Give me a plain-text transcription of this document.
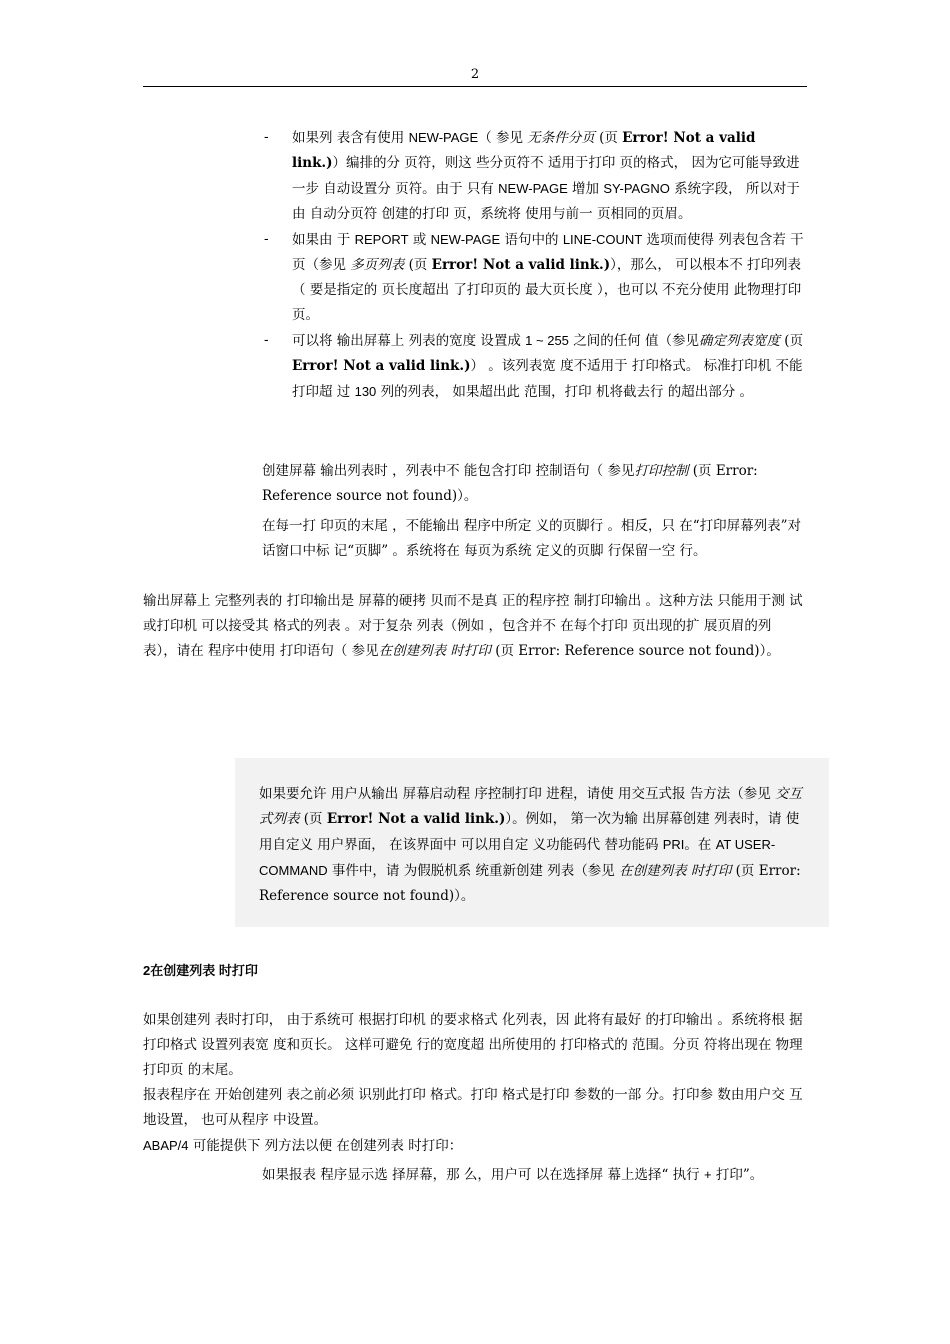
2
- 如果列 表含有使用 NEW-PAGE（ 参见 无条件分页 (页 Error! Not a valid link.)）编排的分 页符，则这 些分页符不 适用于打印 页的格式， 因为它可能导致进一步 自动设置分 页符。由于 只有 NEW-PAGE 增加 SY-PAGNO 系统字段， 所以对于由 自动分页符 创建的打印 页，系统将 使用与前一 页相同的页眉。
- 如果由 于 REPORT 或 NEW-PAGE 语句中的 LINE-COUNT 选项而使得 列表包含若 干页（参见 多页列表 (页 Error! Not a valid link.)），那么， 可以根本不 打印列表（ 要是指定的 页长度超出 了打印页的 最大页长度 ），也可以 不充分使用 此物理打印 页。
- 可以将 输出屏幕上 列表的宽度 设置成 1 ~ 255 之间的任何 值（参见确定列表宽度 (页 Error! Not a valid link.)） 。该列表宽 度不适用于 打印格式。 标准打印机 不能打印超 过 130 列的列表， 如果超出此 范围，打印 机将截去行 的超出部分 。
创建屏幕 输出列表时 ，列表中不 能包含打印 控制语句（ 参见打印控制 (页 Error: Reference source not found)）。
在每一打 印页的末尾 ，不能输出 程序中所定 义的页脚行 。相反，只 在“打印屏幕列表”对 话窗口中标 记“页脚” 。系统将在 每页为系统 定义的页脚 行保留一空 行。
输出屏幕上 完整列表的 打印输出是 屏幕的硬拷 贝而不是真 正的程序控 制打印输出 。这种方法 只能用于测 试或打印机 可以接受其 格式的列表 。对于复杂 列表（例如 ，包含并不 在每个打印 页出现的扩 展页眉的列 表），请在 程序中使用 打印语句（ 参见在创建列表 时打印 (页 Error: Reference source not found)）。

如果要允许 用户从输出 屏幕启动程 序控制打印 进程，请使 用交互式报 告方法（参见 交互式列表 (页 Error! Not a valid link.)）。例如， 第一次为输 出屏幕创建 列表时，请 使用自定义 用户界面， 在该界面中 可以用自定 义功能码代 替功能码 PRI。在 AT USER-COMMAND 事件中，请 为假脱机系 统重新创建 列表（参见 在创建列表 时打印 (页 Error: Reference source not found)）。

2在创建列表 时打印
如果创建列 表时打印， 由于系统可 根据打印机 的要求格式 化列表，因 此将有最好 的打印输出 。系统将根 据打印格式 设置列表宽 度和页长。 这样可避免 行的宽度超 出所使用的 打印格式的 范围。分页 符将出现在 物理打印页 的末尾。
报表程序在 开始创建列 表之前必须 识别此打印 格式。打印 格式是打印 参数的一部 分。打印参 数由用户交 互地设置， 也可从程序 中设置。
ABAP/4 可能提供下 列方法以便 在创建列表 时打印：
如果报表 程序显示选 择屏幕，那 么，用户可 以在选择屏 幕上选择“ 执行 + 打印”。
